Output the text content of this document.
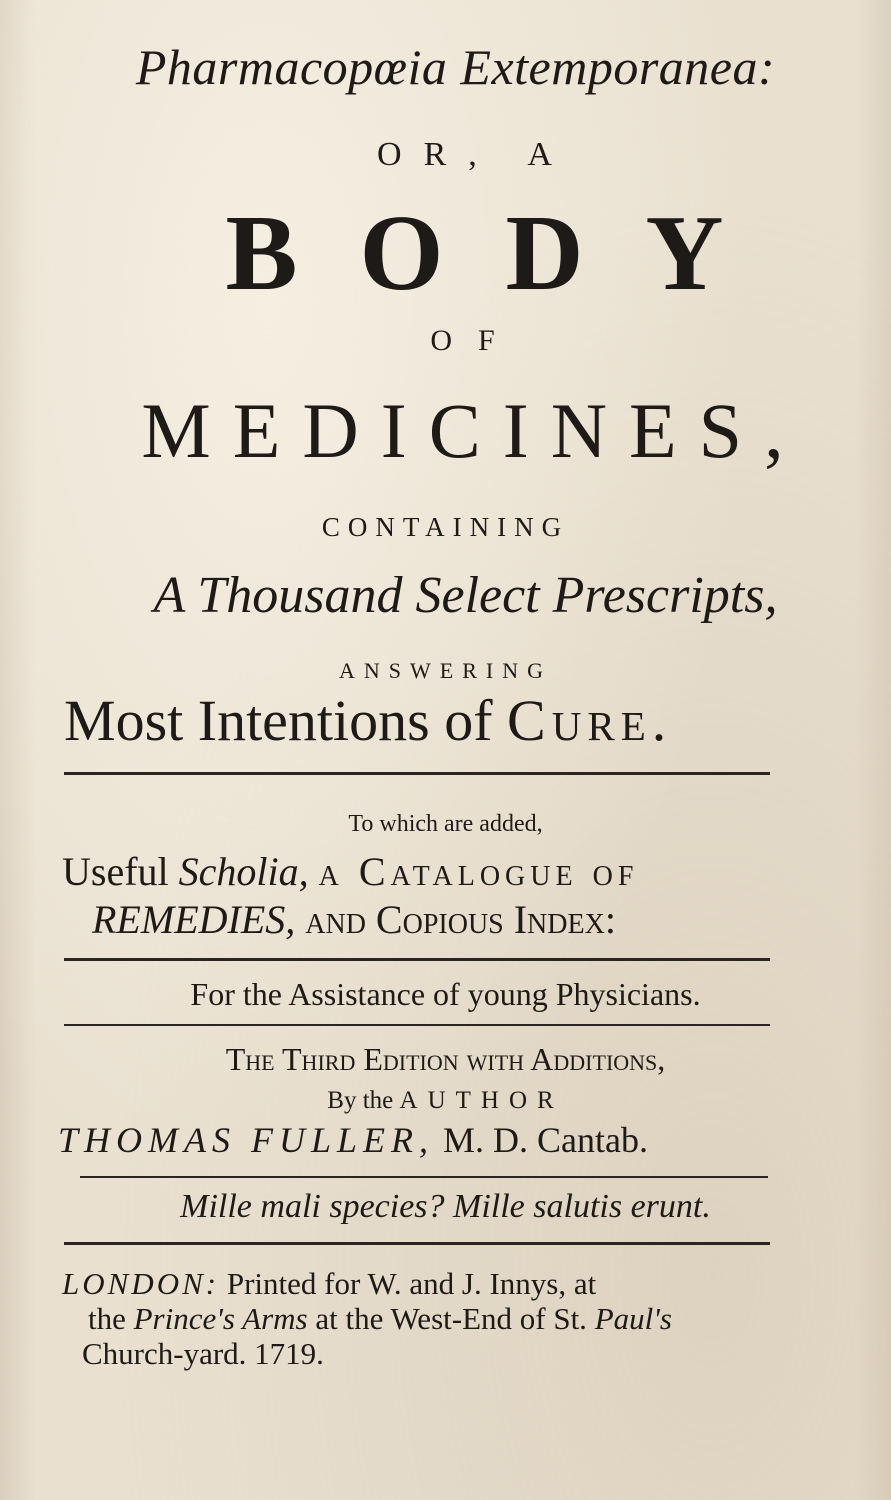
Pharmacopœia Extemporanea:
OR, A
BODY
OF
MEDICINES,
CONTAINING
A Thousand Select Prescripts,
ANSWERING
Most Intentions of Cure.
To which are added,
Useful Scholia, a Catalogue of
REMEDIES, and Copious Index:
For the Assistance of young Physicians.
The Third Edition with Additions,
By the AUTHOR
THOMAS FULLER, M. D. Cantab.
Mille mali species? Mille salutis erunt.
LONDON: Printed for W. and J. Innys, at
the Prince's Arms at the West-End of St. Paul's
Church-yard. 1719.
